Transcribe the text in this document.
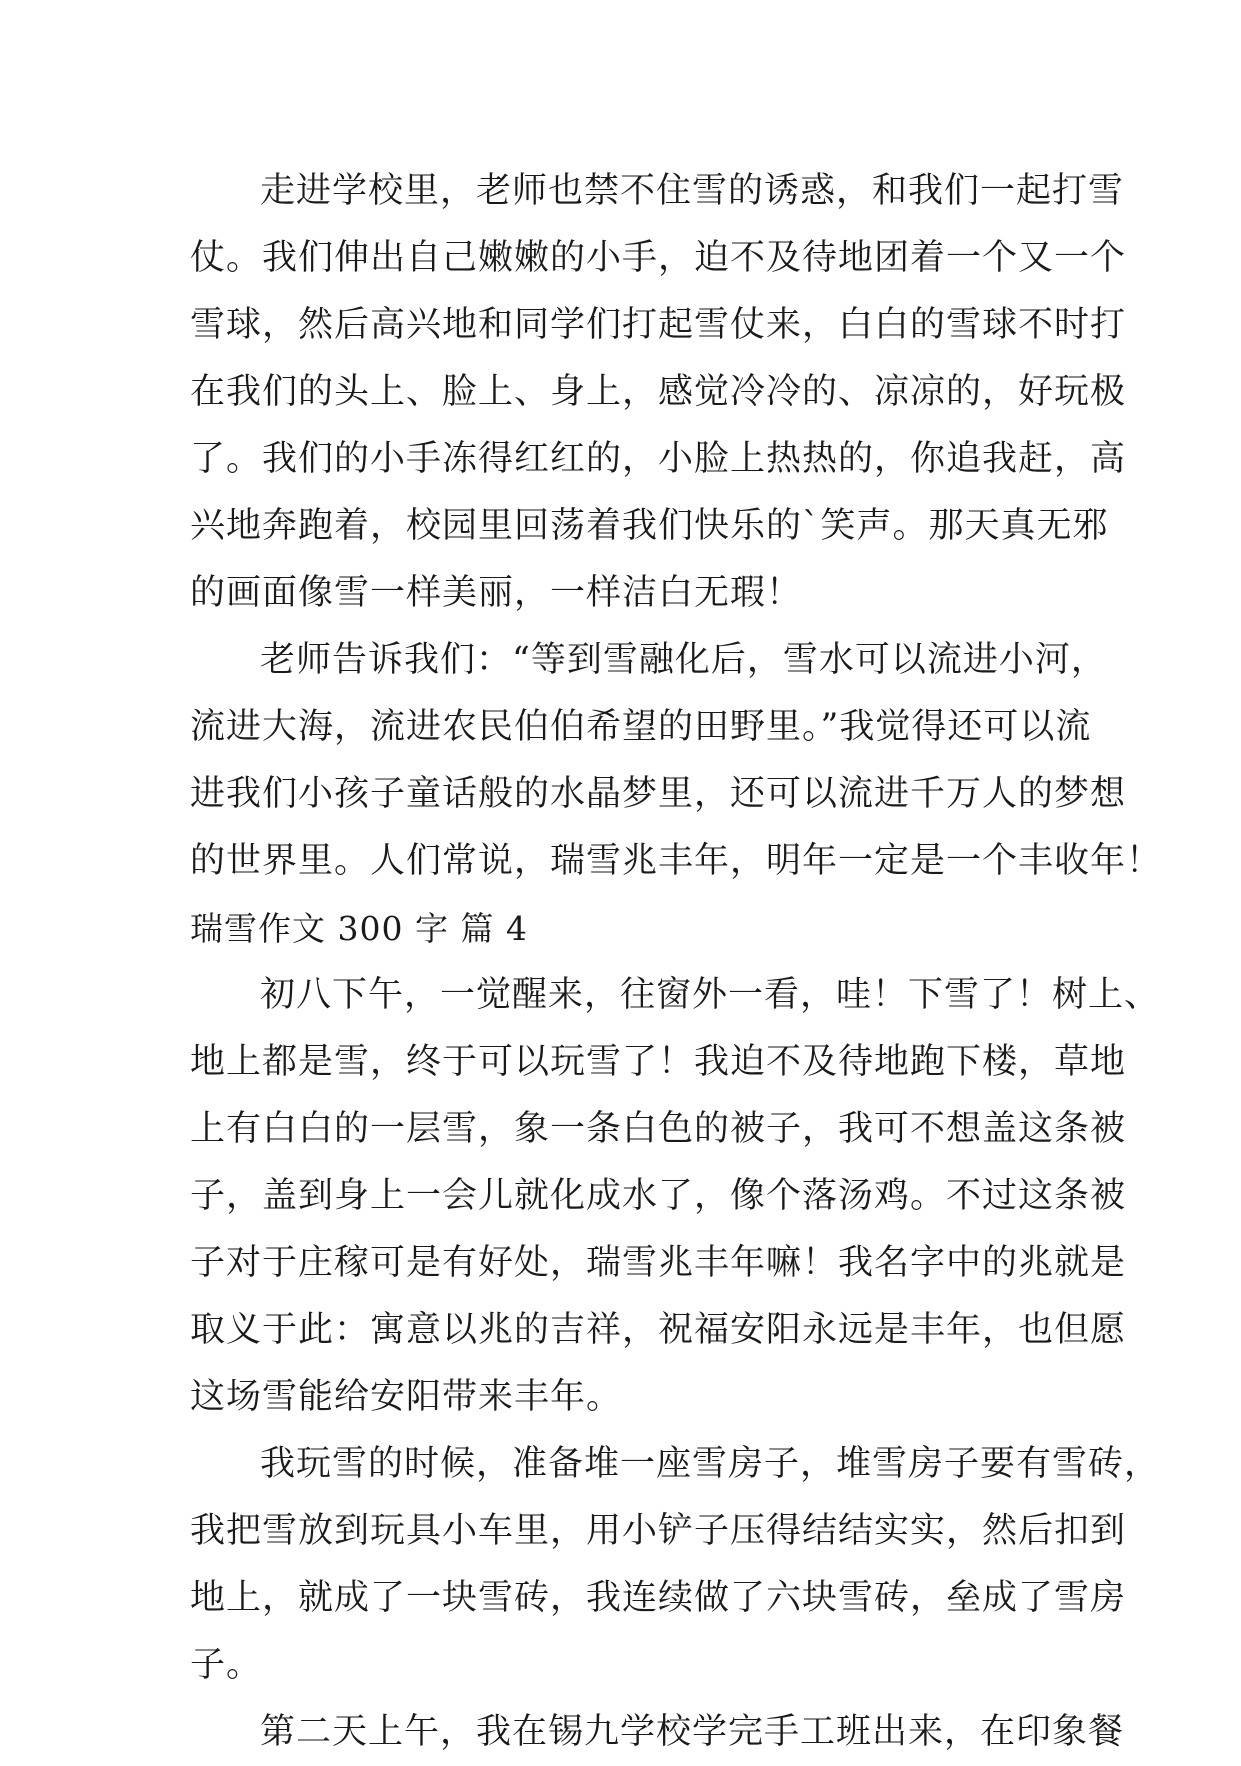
走进学校里，老师也禁不住雪的诱惑，和我们一起打雪
仗。我们伸出自己嫩嫩的小手，迫不及待地团着一个又一个
雪球，然后高兴地和同学们打起雪仗来，白白的雪球不时打
在我们的头上、脸上、身上，感觉冷冷的、凉凉的，好玩极
了。我们的小手冻得红红的，小脸上热热的，你追我赶，高
兴地奔跑着，校园里回荡着我们快乐的`笑声。那天真无邪
的画面像雪一样美丽，一样洁白无瑕！
老师告诉我们：“等到雪融化后，雪水可以流进小河，
流进大海，流进农民伯伯希望的田野里。”我觉得还可以流
进我们小孩子童话般的水晶梦里，还可以流进千万人的梦想
的世界里。人们常说，瑞雪兆丰年，明年一定是一个丰收年！
瑞雪作文 300 字 篇 4
初八下午，一觉醒来，往窗外一看，哇！下雪了！树上、
地上都是雪，终于可以玩雪了！我迫不及待地跑下楼，草地
上有白白的一层雪，象一条白色的被子，我可不想盖这条被
子，盖到身上一会儿就化成水了，像个落汤鸡。不过这条被
子对于庄稼可是有好处，瑞雪兆丰年嘛！我名字中的兆就是
取义于此：寓意以兆的吉祥，祝福安阳永远是丰年，也但愿
这场雪能给安阳带来丰年。
我玩雪的时候，准备堆一座雪房子，堆雪房子要有雪砖，
我把雪放到玩具小车里，用小铲子压得结结实实，然后扣到
地上，就成了一块雪砖，我连续做了六块雪砖，垒成了雪房
子。
第二天上午，我在锡九学校学完手工班出来，在印象餐
